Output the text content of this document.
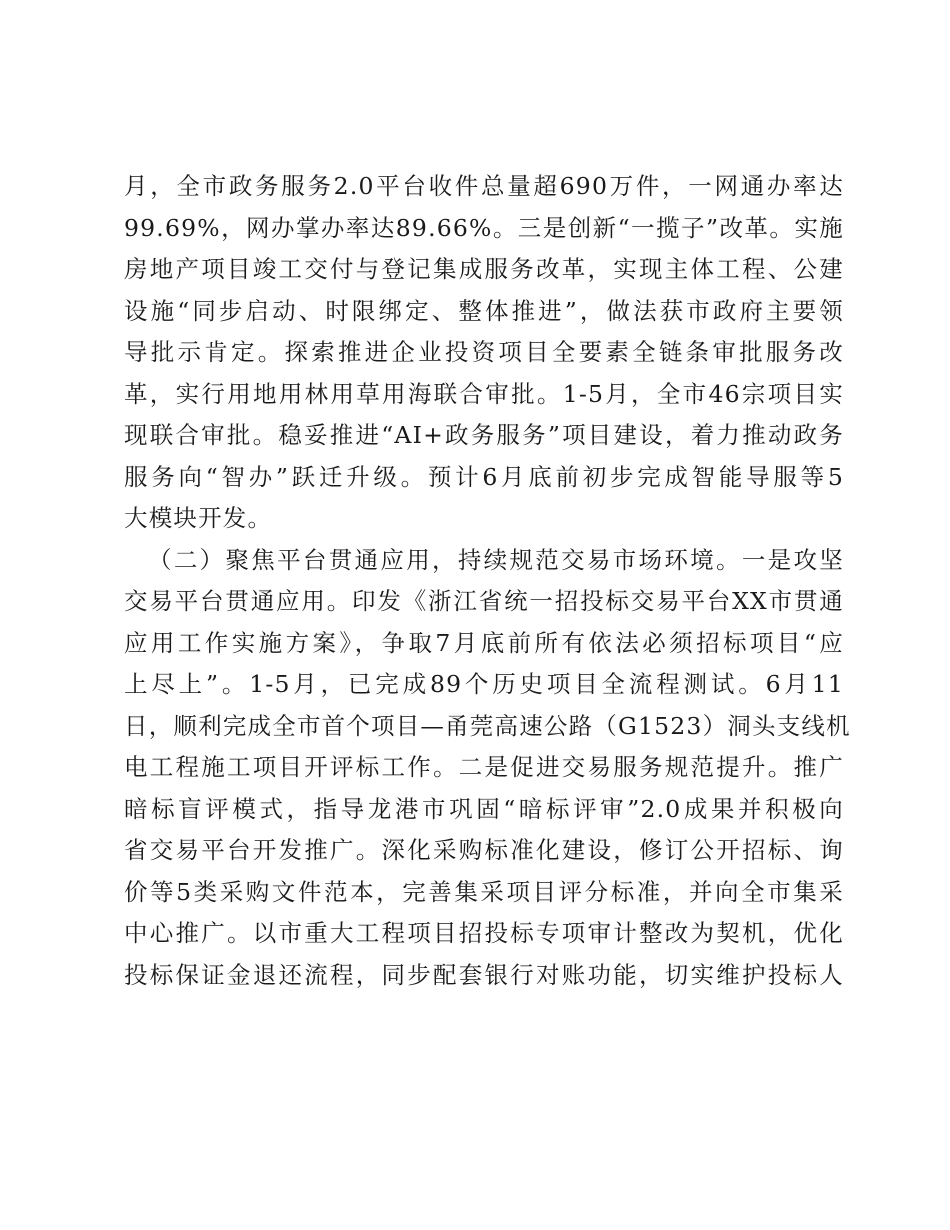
月，全市政务服务2.0平台收件总量超690万件，一网通办率达
99.69%，网办掌办率达89.66%。三是创新“一揽子”改革。实施
房地产项目竣工交付与登记集成服务改革，实现主体工程、公建
设施“同步启动、时限绑定、整体推进”，做法获市政府主要领
导批示肯定。探索推进企业投资项目全要素全链条审批服务改
革，实行用地用林用草用海联合审批。1-5月，全市46宗项目实
现联合审批。稳妥推进“AI+政务服务”项目建设，着力推动政务
服务向“智办”跃迁升级。预计6月底前初步完成智能导服等5
大模块开发。
（二）聚焦平台贯通应用，持续规范交易市场环境。一是攻坚
交易平台贯通应用。印发《浙江省统一招投标交易平台XX市贯通
应用工作实施方案》，争取7月底前所有依法必须招标项目“应
上尽上”。1-5月，已完成89个历史项目全流程测试。6月11
日，顺利完成全市首个项目—甬莞高速公路（G1523）洞头支线机
电工程施工项目开评标工作。二是促进交易服务规范提升。推广
暗标盲评模式，指导龙港市巩固“暗标评审”2.0成果并积极向
省交易平台开发推广。深化采购标准化建设，修订公开招标、询
价等5类采购文件范本，完善集采项目评分标准，并向全市集采
中心推广。以市重大工程项目招投标专项审计整改为契机，优化
投标保证金退还流程，同步配套银行对账功能，切实维护投标人
